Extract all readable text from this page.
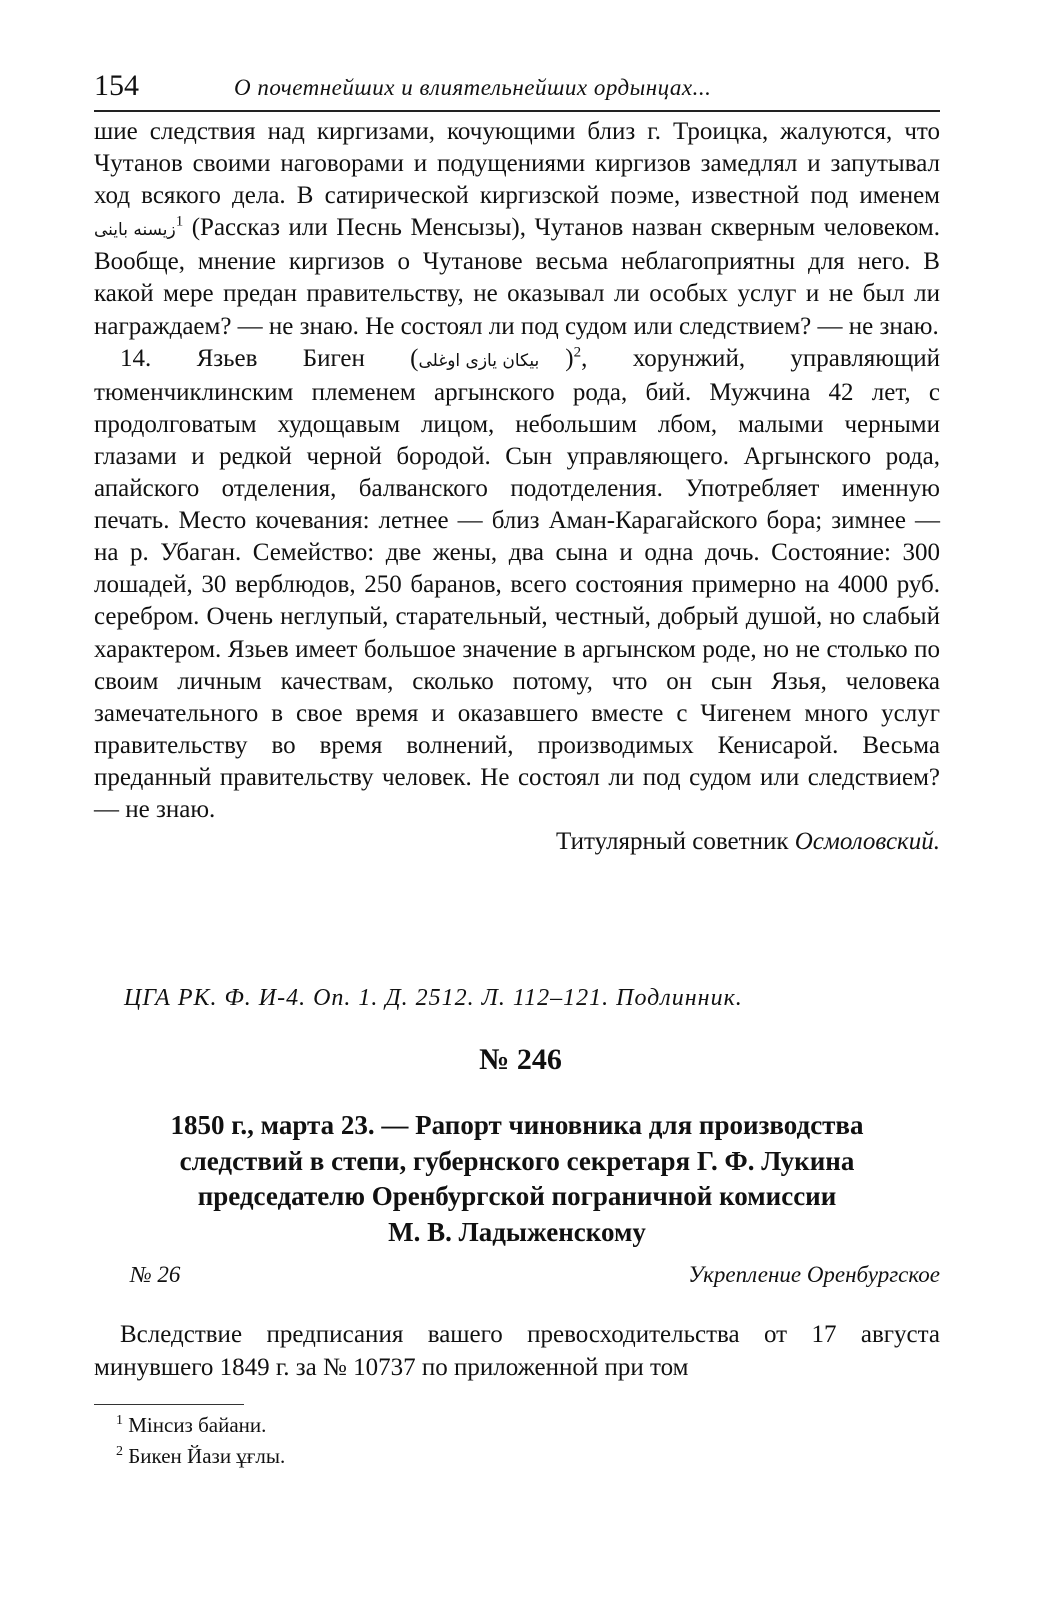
154	О почетнейших и влиятельнейших ордынцах...

шие следствия над киргизами, кочующими близ г. Троицка, жалуются, что Чутанов своими наговорами и подущениями киргизов замедлял и запутывал ход всякого дела. В сатирической киргизской поэме, известной под именем زیسنه باینی$^1$ (Рассказ или Песнь Менсызы), Чутанов назван скверным человеком. Вообще, мнение киргизов о Чутанове весьма неблагоприятны для него. В какой мере предан правительству, не оказывал ли особых услуг и не был ли награждаем? — не знаю. Не состоял ли под судом или следствием? — не знаю.

14. Язьев Биген (بیکان یازی اوغلی )$^2$, хорунжий, управляющий тюменчиклинским племенем аргынского рода, бий. Мужчина 42 лет, с продолговатым худощавым лицом, небольшим лбом, малыми черными глазами и редкой черной бородой. Сын управляющего. Аргынского рода, апайского отделения, балванского подотделения. Употребляет именную печать. Место кочевания: летнее — близ Аман-Карагайского бора; зимнее — на р. Убаган. Семейство: две жены, два сына и одна дочь. Состояние: 300 лошадей, 30 верблюдов, 250 баранов, всего состояния примерно на 4000 руб. серебром. Очень неглупый, старательный, честный, добрый душой, но слабый характером. Язьев имеет большое значение в аргынском роде, но не столько по своим личным качествам, сколько потому, что он сын Язья, человека замечательного в свое время и оказавшего вместе с Чигенем много услуг правительству во время волнений, производимых Кенисарой. Весьма преданный правительству человек. Не состоял ли под судом или следствием? — не знаю.

Титулярный советник Осмоловский.

ЦГА РК. Ф. И-4. Оп. 1. Д. 2512. Л. 112–121. Подлинник.
№ 246
1850 г., марта 23. — Рапорт чиновника для производства
следствий в степи, губернского секретаря Г. Ф. Лукина
председателю Оренбургской пограничной комиссии
М. В. Ладыженскому
№ 26	Укрепление Оренбургское

Вследствие предписания вашего превосходительства от 17 августа минувшего 1849 г. за № 10737 по приложенной при том

$^1$ Мінсиз байани.
$^2$ Бикен Йази ұғлы.
